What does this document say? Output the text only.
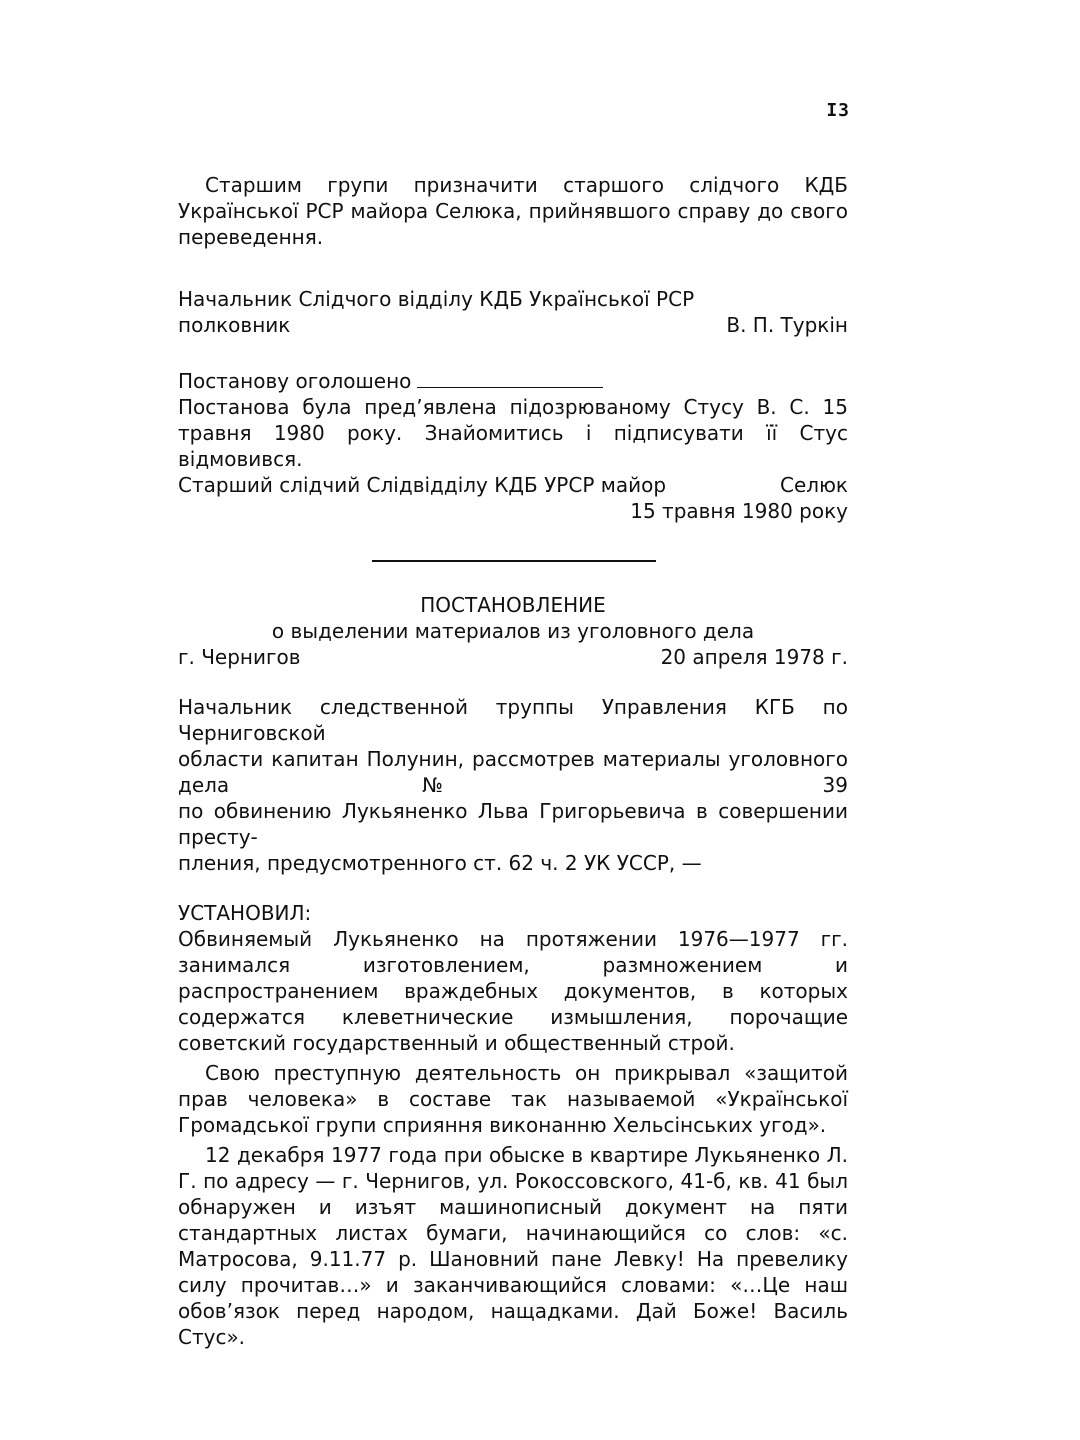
I3

Старшим групи призначити старшого слідчого КДБ Української РСР майора Селюка, прийнявшого справу до свого переведення.

Начальник Слідчого відділу КДБ Української РСР

полковник	В. П. Туркін

Постанову оголошено

Постанова була пред’явлена підозрюваному Стусу В. С. 15 травня 1980 року. Знайомитись і підписувати її Стус відмовився.

Старший слідчий Слідвідділу КДБ УРСР майор	Селюк

15 травня 1980 року

ПОСТАНОВЛЕНИЕ

о выделении материалов из уголовного дела

г. Чернигов	20 апреля 1978 г.

Начальник следственной труппы Управления КГБ по Черниговской

области капитан Полунин, рассмотрев материалы уголовного дела № 39

по обвинению Лукьяненко Льва Григорьевича в совершении престу-

пления, предусмотренного ст. 62 ч. 2 УК УССР, —

УСТАНОВИЛ:

Обвиняемый Лукьяненко на протяжении 1976—1977 гг. занимался изготовлением, размножением и распространением враждебных документов, в которых содержатся клеветнические измышления, порочащие советский государственный и общественный строй.

Свою преступную деятельность он прикрывал «защитой прав человека» в составе так называемой «Української Громадської групи сприяння виконанню Хельсінських угод».

12 декабря 1977 года при обыске в квартире Лукьяненко Л. Г. по адресу — г. Чернигов, ул. Рокоссовского, 41-б, кв. 41 был обнаружен и изъят машинописный документ на пяти стандартных листах бумаги, начинающийся со слов: «с. Матросова, 9.11.77 р. Шановний пане Левку! На превелику силу прочитав…» и заканчивающийся словами: «…Це наш обов’язок перед народом, нащадками. Дай Боже! Василь Стус».
